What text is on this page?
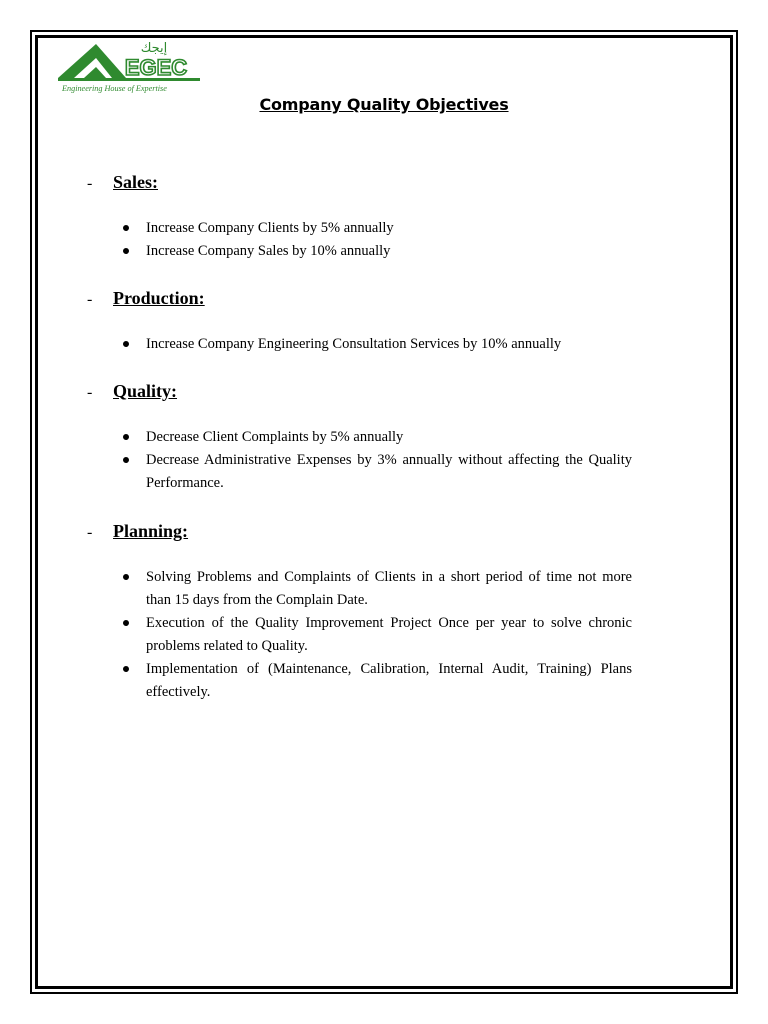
إيجك
EGEC
Engineering House of Expertise
Company Quality Objectives
-	Sales:
Increase Company Clients by 5% annually
Increase Company Sales by 10% annually
-	Production:
Increase Company Engineering Consultation Services by 10% annually
-	Quality:
Decrease Client Complaints by 5% annually
Decrease Administrative Expenses by 3% annually without affecting the Quality Performance.
-	Planning:
Solving Problems and Complaints of Clients in a short period of time not more than 15 days from the Complain Date.
Execution of the Quality Improvement Project Once per year to solve chronic problems related to Quality.
Implementation of (Maintenance, Calibration, Internal Audit, Training) Plans effectively.
